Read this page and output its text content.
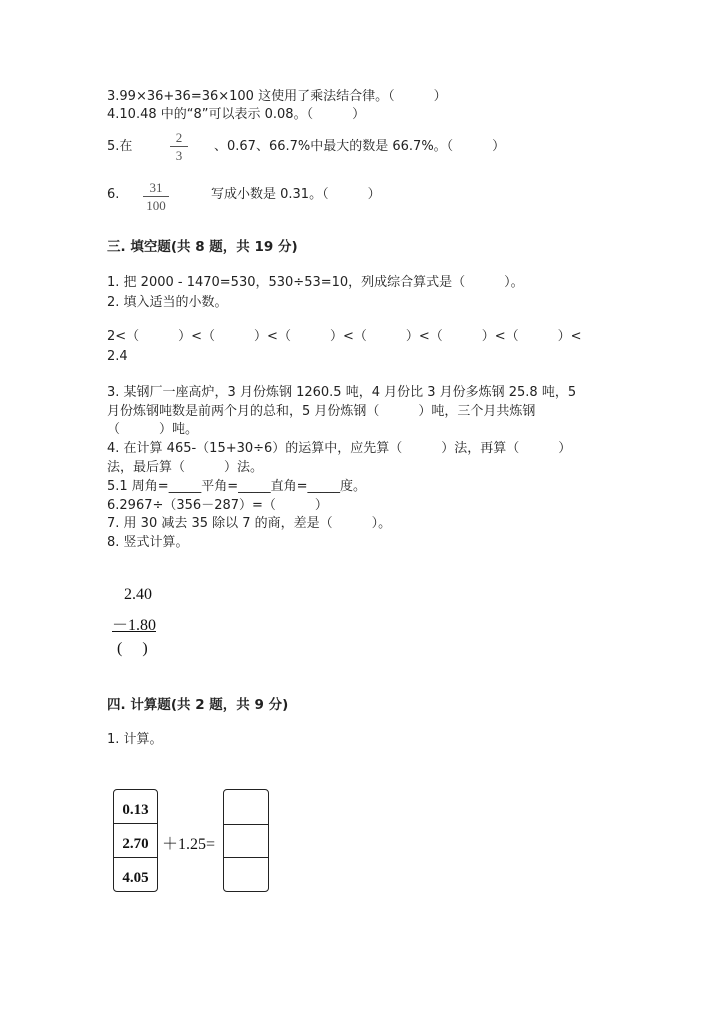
3.99×36+36=36×100 这使用了乘法结合律。（　　　）
4.10.48 中的“8”可以表示 0.08。（　　　）
5.在
2
3
、0.67、66.7%中最大的数是 66.7%。（　　　）
6.	31
100
写成小数是 0.31。（　　　）
三. 填空题(共 8 题，共 19 分)
1. 把 2000 - 1470=530，530÷53=10，列成综合算式是（　　　）。
2. 填入适当的小数。
2<（　　　）<（　　　）<（　　　）<（　　　）<（　　　）<（　　　）<
2.4
3. 某钢厂一座高炉，3 月份炼钢 1260.5 吨，4 月份比 3 月份多炼钢 25.8 吨，5
月份炼钢吨数是前两个月的总和，5 月份炼钢（　　　）吨，三个月共炼钢
（　　　）吨。
4. 在计算 465-（15+30÷6）的运算中，应先算（　　　）法，再算（　　　）
法，最后算（　　　）法。
5.1 周角=_____平角=_____直角=_____度。
6.2967÷（356－287）=（　　　）
7. 用 30 减去 35 除以 7 的商，差是（　　　）。
8. 竖式计算。
2.40
－1.80
(　 )
四. 计算题(共 2 题，共 9 分)
1. 计算。
0.13
2.70
4.05
＋1.25=
